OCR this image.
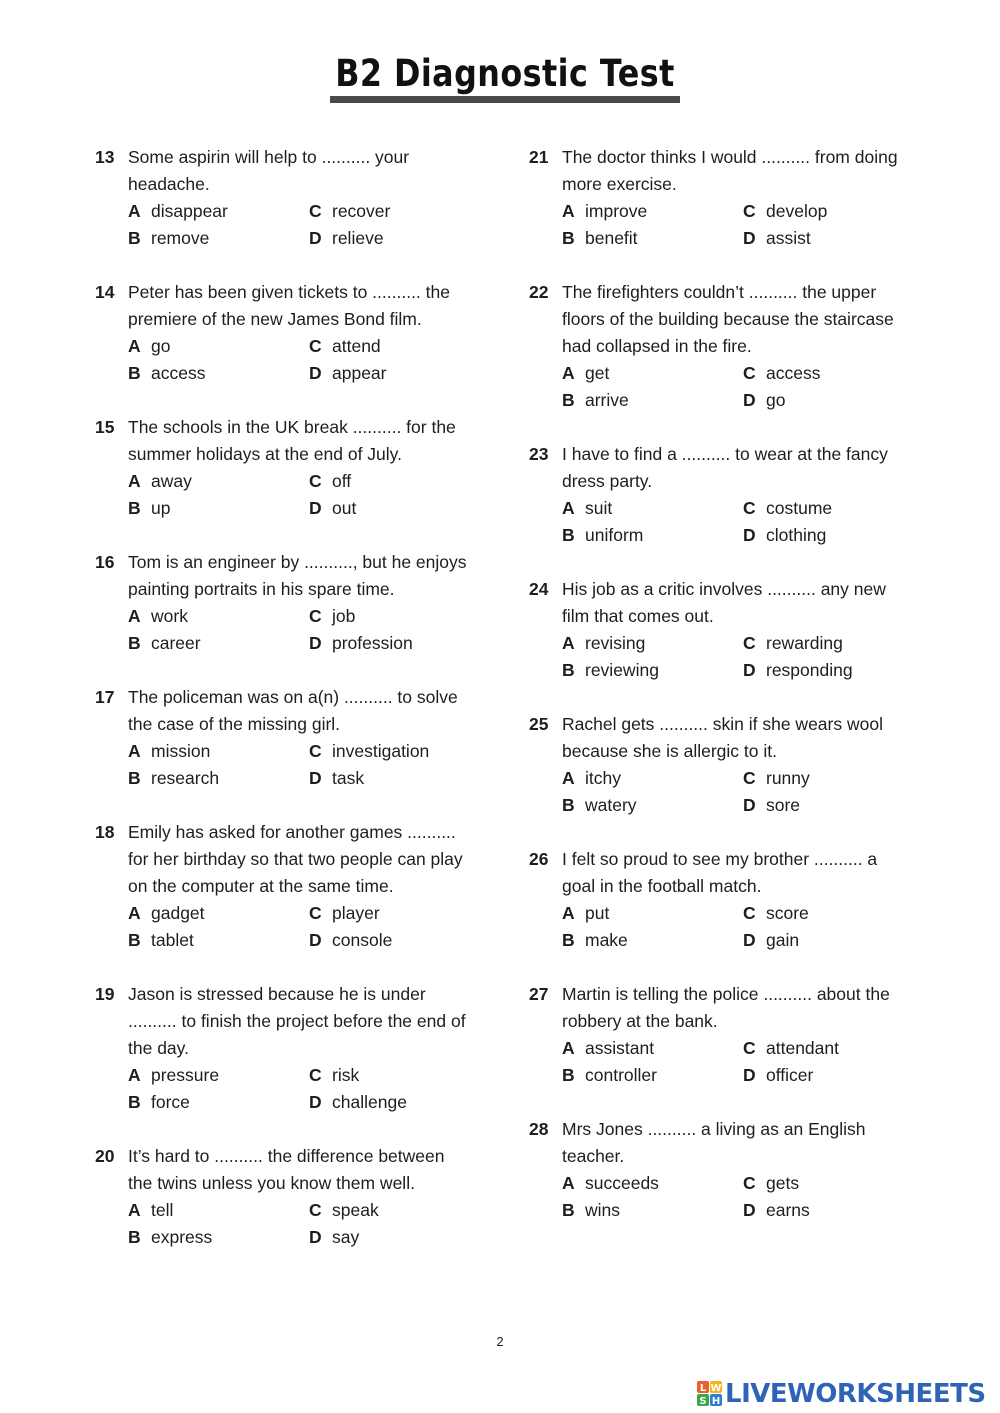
B2 Diagnostic Test
13 Some aspirin will help to .......... your headache.
A disappear	C recover
B remove	D relieve
14 Peter has been given tickets to .......... the premiere of the new James Bond film.
A go	C attend
B access	D appear
15 The schools in the UK break .......... for the summer holidays at the end of July.
A away	C off
B up	D out
16 Tom is an engineer by .........., but he enjoys painting portraits in his spare time.
A work	C job
B career	D profession
17 The policeman was on a(n) .......... to solve the case of the missing girl.
A mission	C investigation
B research	D task
18 Emily has asked for another games .......... for her birthday so that two people can play on the computer at the same time.
A gadget	C player
B tablet	D console
19 Jason is stressed because he is under .......... to finish the project before the end of the day.
A pressure	C risk
B force	D challenge
20 It’s hard to .......... the difference between the twins unless you know them well.
A tell	C speak
B express	D say
21 The doctor thinks I would .......... from doing more exercise.
A improve	C develop
B benefit	D assist
22 The firefighters couldn’t .......... the upper floors of the building because the staircase had collapsed in the fire.
A get	C access
B arrive	D go
23 I have to find a .......... to wear at the fancy dress party.
A suit	C costume
B uniform	D clothing
24 His job as a critic involves .......... any new film that comes out.
A revising	C rewarding
B reviewing	D responding
25 Rachel gets .......... skin if she wears wool because she is allergic to it.
A itchy	C runny
B watery	D sore
26 I felt so proud to see my brother .......... a goal in the football match.
A put	C score
B make	D gain
27 Martin is telling the police .......... about the robbery at the bank.
A assistant	C attendant
B controller	D officer
28 Mrs Jones .......... a living as an English teacher.
A succeeds	C gets
B wins	D earns
2
L W
S H LIVEWORKSHEETS
